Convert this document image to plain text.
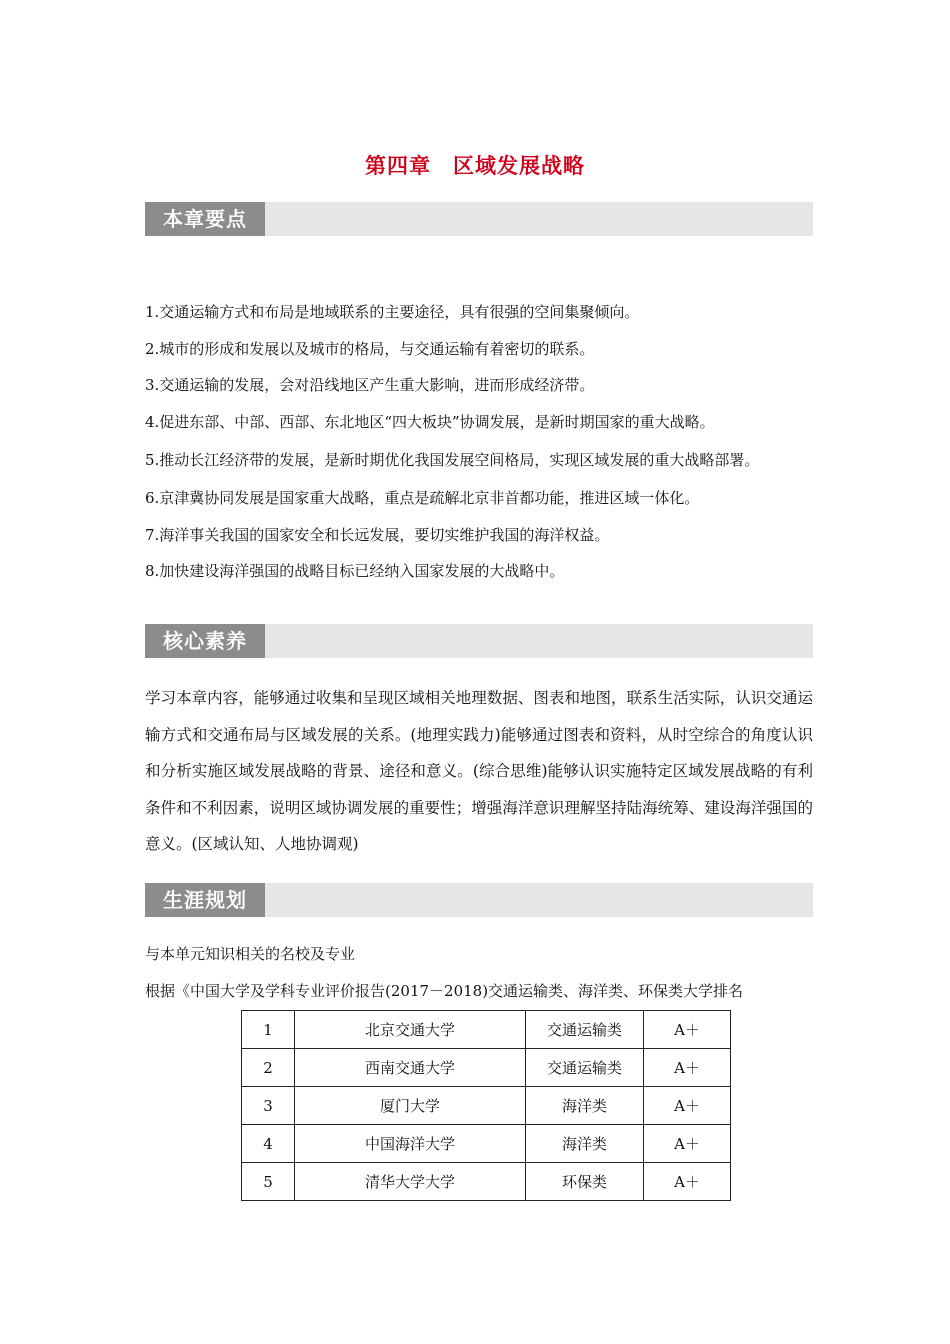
第四章　区域发展战略
本章要点
1.交通运输方式和布局是地域联系的主要途径，具有很强的空间集聚倾向。
2.城市的形成和发展以及城市的格局，与交通运输有着密切的联系。
3.交通运输的发展，会对沿线地区产生重大影响，进而形成经济带。
4.促进东部、中部、西部、东北地区“四大板块”协调发展，是新时期国家的重大战略。
5.推动长江经济带的发展，是新时期优化我国发展空间格局，实现区域发展的重大战略部署。
6.京津冀协同发展是国家重大战略，重点是疏解北京非首都功能，推进区域一体化。
7.海洋事关我国的国家安全和长远发展，要切实维护我国的海洋权益。
8.加快建设海洋强国的战略目标已经纳入国家发展的大战略中。
核心素养
学习本章内容，能够通过收集和呈现区域相关地理数据、图表和地图，联系生活实际，认识交通运输方式和交通布局与区域发展的关系。(地理实践力)能够通过图表和资料，从时空综合的角度认识和分析实施区域发展战略的背景、途径和意义。(综合思维)能够认识实施特定区域发展战略的有利条件和不利因素，说明区域协调发展的重要性；增强海洋意识理解坚持陆海统筹、建设海洋强国的意义。(区域认知、人地协调观)
生涯规划
与本单元知识相关的名校及专业
根据《中国大学及学科专业评价报告(2017－2018)交通运输类、海洋类、环保类大学排名
1	北京交通大学	交通运输类	A＋
2	西南交通大学	交通运输类	A＋
3	厦门大学	海洋类	A＋
4	中国海洋大学	海洋类	A＋
5	清华大学大学	环保类	A＋
